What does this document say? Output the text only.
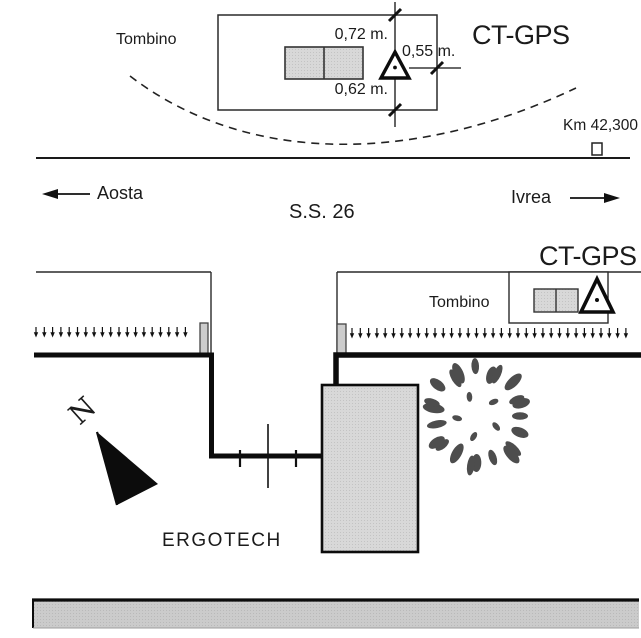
Tombino	0,72 m.
0,55 m.
0,62 m.
CT-GPS
Km 42,300
Aosta
S.S. 26
Ivrea
CT-GPS
Tombino
ERGOTECH
N
